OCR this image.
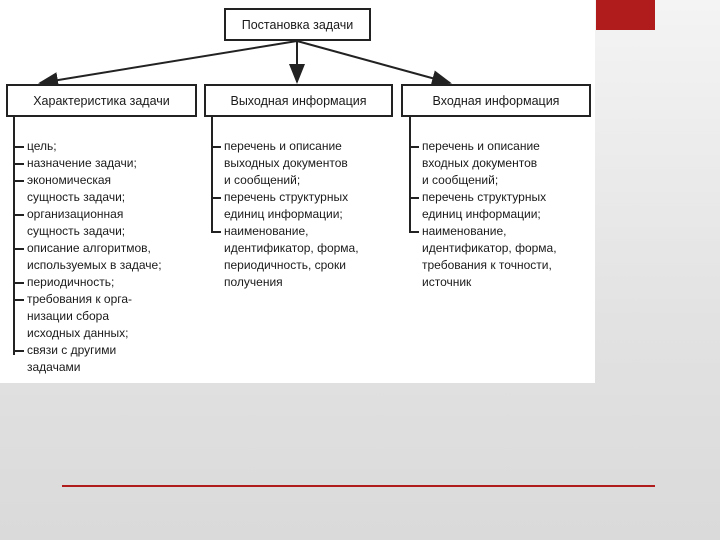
Постановка задачи
Характеристика задачи	Выходная информация	Входная информация
цель;
назначение задачи;
экономическая
сущность задачи;
организационная
сущность задачи;
описание алгоритмов,
используемых в задаче;
периодичность;
требования к орга-
низации сбора
исходных данных;
связи с другими
задачами
перечень и описание
выходных документов
и сообщений;
перечень структурных
единиц информации;
наименование,
идентификатор, форма,
периодичность, сроки
получения
перечень и описание
входных документов
и сообщений;
перечень структурных
единиц информации;
наименование,
идентификатор, форма,
требования к точности,
источник
